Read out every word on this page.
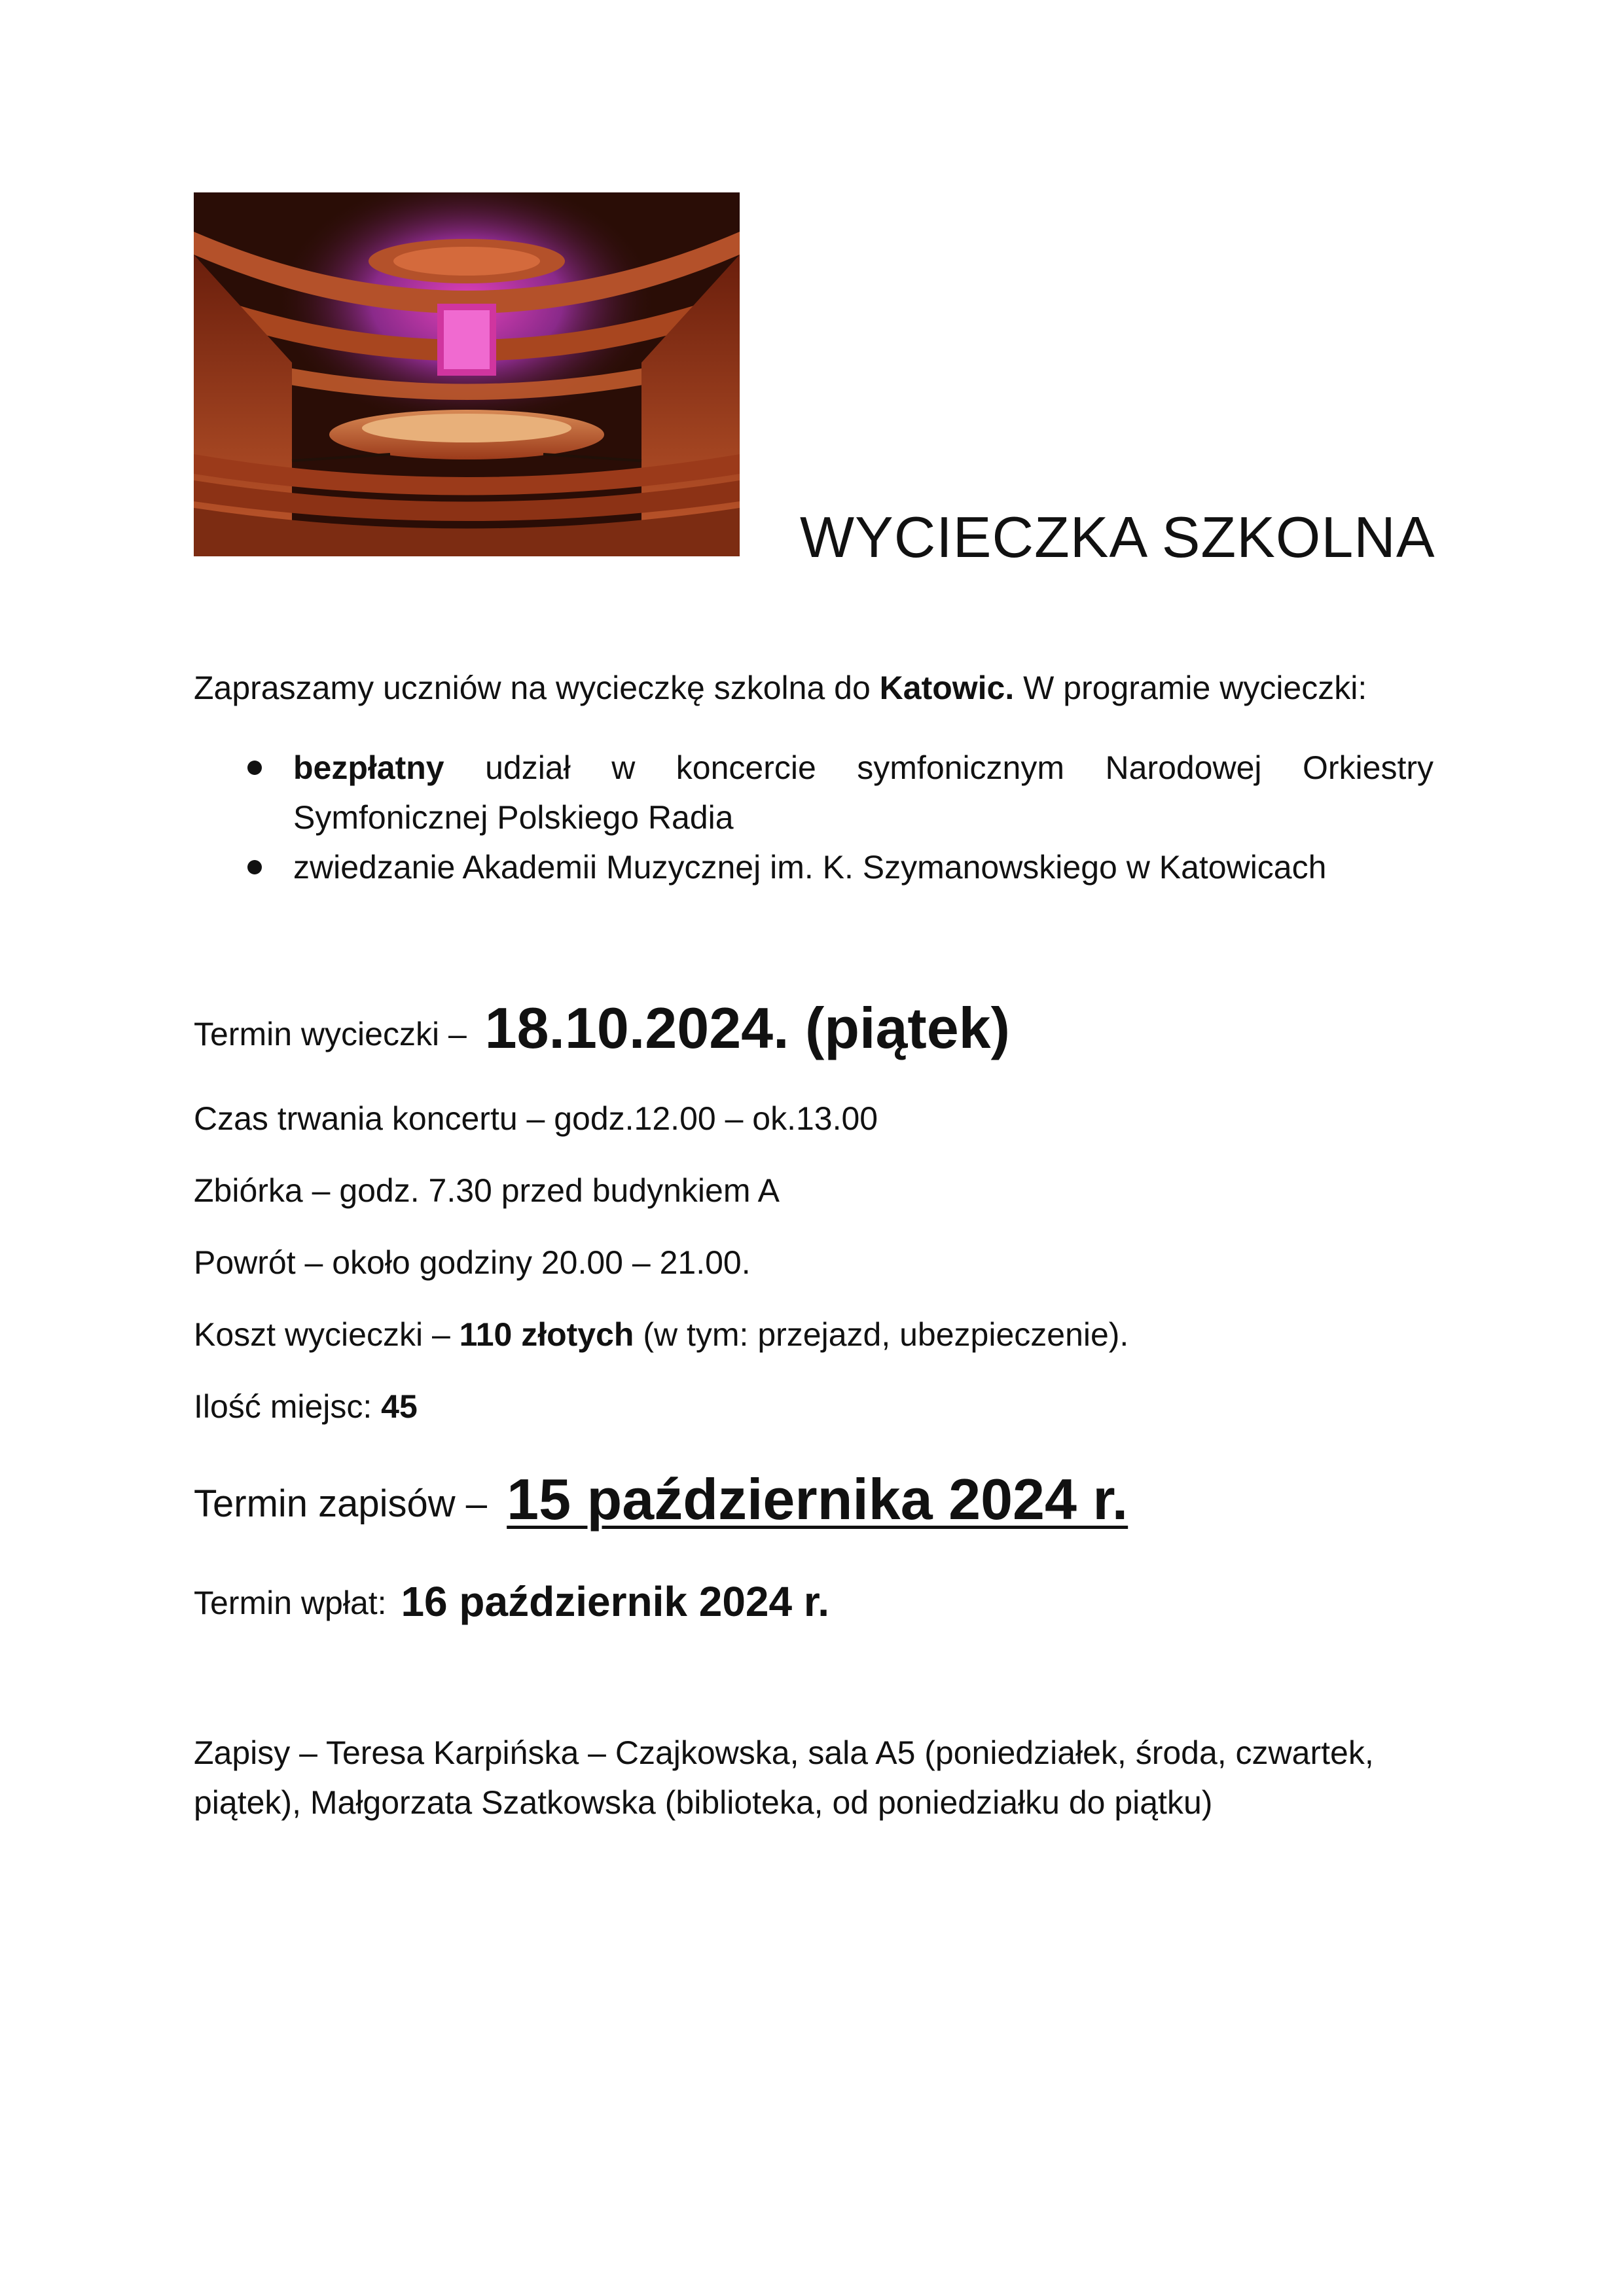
WYCIECZKA SZKOLNA
Zapraszamy uczniów na wycieczkę szkolna do Katowic. W programie wycieczki:
bezpłatny udział w koncercie symfonicznym Narodowej Orkiestry
Symfonicznej Polskiego Radia
zwiedzanie Akademii Muzycznej im. K. Szymanowskiego w Katowicach
Termin wycieczki – 18.10.2024. (piątek)
Czas trwania koncertu – godz.12.00 – ok.13.00
Zbiórka – godz. 7.30 przed budynkiem A
Powrót – około godziny 20.00 – 21.00.
Koszt wycieczki – 110 złotych (w tym: przejazd, ubezpieczenie).
Ilość miejsc: 45
Termin zapisów – 15 października 2024 r.
Termin wpłat: 16 październik 2024 r.
Zapisy – Teresa Karpińska – Czajkowska, sala A5 (poniedziałek, środa, czwartek,
piątek), Małgorzata Szatkowska (biblioteka, od poniedziałku do piątku)
